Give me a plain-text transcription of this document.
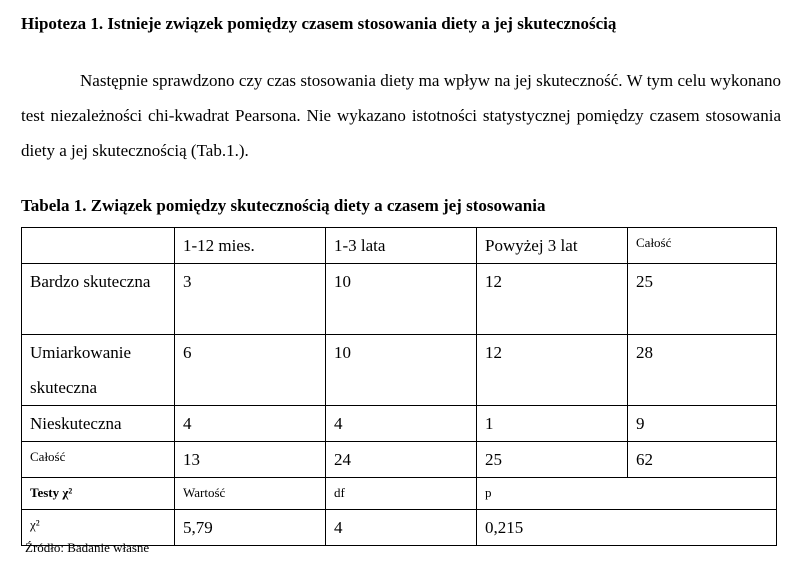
Hipoteza 1. Istnieje związek pomiędzy czasem stosowania diety a jej skutecznością

Następnie sprawdzono czy czas stosowania diety ma wpływ na jej skuteczność. W tym celu wykonano test niezależności chi-kwadrat Pearsona. Nie wykazano istotności statystycznej pomiędzy czasem stosowania diety a jej skutecznością (Tab.1.).

Tabela 1. Związek pomiędzy skutecznością diety a czasem jej stosowania
	1-12 mies.	1-3 lata	Powyżej 3 lat	Całość
Bardzo skuteczna	3	10	12	25
Umiarkowanie skuteczna	6	10	12	28
Nieskuteczna	4	4	1	9
Całość	13	24	25	62
Testy χ²	Wartość	df	p	
χ²	5,79	4	0,215	
Źródło: Badanie własne
